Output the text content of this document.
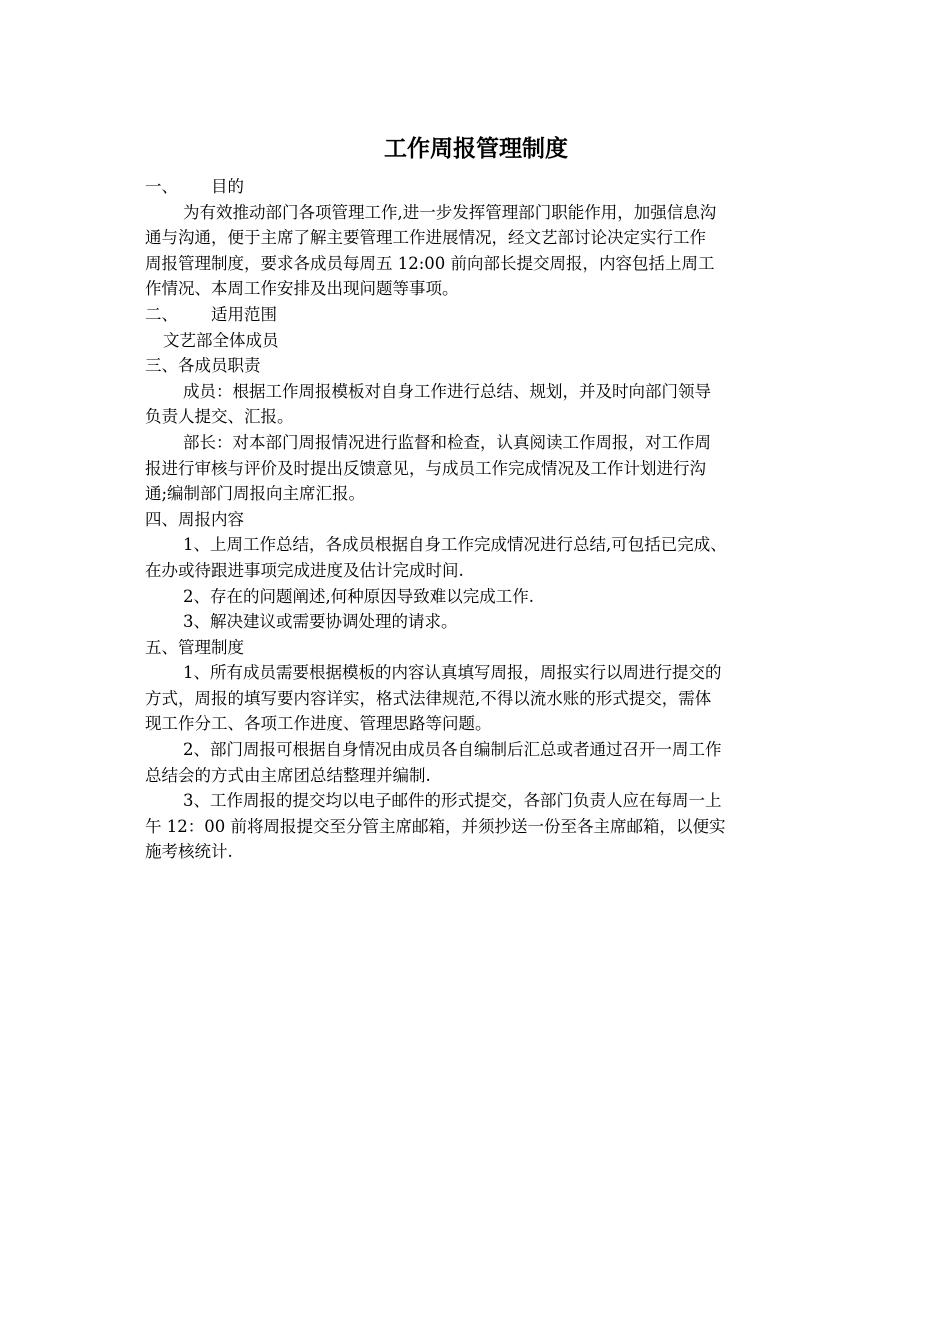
工作周报管理制度
一、 目的
为有效推动部门各项管理工作,进一步发挥管理部门职能作用，加强信息沟
通与沟通，便于主席了解主要管理工作进展情况，经文艺部讨论决定实行工作
周报管理制度，要求各成员每周五 12:00 前向部长提交周报，内容包括上周工
作情况、本周工作安排及出现问题等事项。
二、 适用范围
文艺部全体成员
三、各成员职责
成员：根据工作周报模板对自身工作进行总结、规划，并及时向部门领导
负责人提交、汇报。
部长：对本部门周报情况进行监督和检查，认真阅读工作周报，对工作周
报进行审核与评价及时提出反馈意见，与成员工作完成情况及工作计划进行沟
通;编制部门周报向主席汇报。
四、周报内容
1、上周工作总结，各成员根据自身工作完成情况进行总结,可包括已完成、
在办或待跟进事项完成进度及估计完成时间.
2、存在的问题阐述,何种原因导致难以完成工作.
3、解决建议或需要协调处理的请求。
五、管理制度
1、所有成员需要根据模板的内容认真填写周报，周报实行以周进行提交的
方式，周报的填写要内容详实，格式法律规范,不得以流水账的形式提交，需体
现工作分工、各项工作进度、管理思路等问题。
2、部门周报可根据自身情况由成员各自编制后汇总或者通过召开一周工作
总结会的方式由主席团总结整理并编制.
3、工作周报的提交均以电子邮件的形式提交，各部门负责人应在每周一上
午 12：00 前将周报提交至分管主席邮箱，并须抄送一份至各主席邮箱，以便实
施考核统计.
